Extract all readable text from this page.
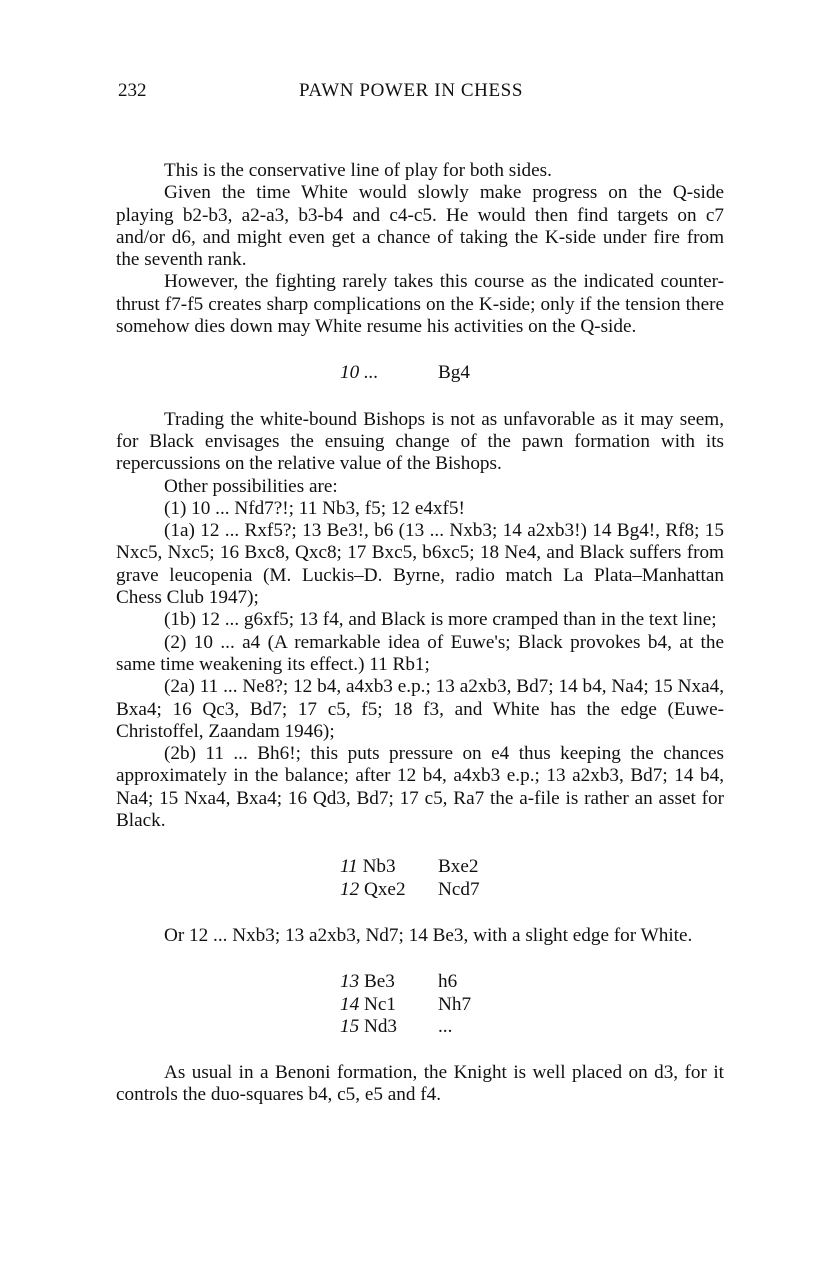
232	PAWN POWER IN CHESS

This is the conservative line of play for both sides.

Given the time White would slowly make progress on the Q-side playing b2-b3, a2-a3, b3-b4 and c4-c5. He would then find targets on c7 and/or d6, and might even get a chance of taking the K-side under fire from the seventh rank.

However, the fighting rarely takes this course as the indicated counter-thrust f7-f5 creates sharp complications on the K-side; only if the tension there somehow dies down may White resume his activities on the Q-side.

10 ...	Bg4

Trading the white-bound Bishops is not as unfavorable as it may seem, for Black envisages the ensuing change of the pawn formation with its repercussions on the relative value of the Bishops.

Other possibilities are:

(1) 10 ... Nfd7?!; 11 Nb3, f5; 12 e4xf5!

(1a) 12 ... Rxf5?; 13 Be3!, b6 (13 ... Nxb3; 14 a2xb3!) 14 Bg4!, Rf8; 15 Nxc5, Nxc5; 16 Bxc8, Qxc8; 17 Bxc5, b6xc5; 18 Ne4, and Black suffers from grave leucopenia (M. Luckis–D. Byrne, radio match La Plata–Manhattan Chess Club 1947);

(1b) 12 ... g6xf5; 13 f4, and Black is more cramped than in the text line;

(2) 10 ... a4 (A remarkable idea of Euwe's; Black provokes b4, at the same time weakening its effect.) 11 Rb1;

(2a) 11 ... Ne8?; 12 b4, a4xb3 e.p.; 13 a2xb3, Bd7; 14 b4, Na4; 15 Nxa4, Bxa4; 16 Qc3, Bd7; 17 c5, f5; 18 f3, and White has the edge (Euwe-Christoffel, Zaandam 1946);

(2b) 11 ... Bh6!; this puts pressure on e4 thus keeping the chances approximately in the balance; after 12 b4, a4xb3 e.p.; 13 a2xb3, Bd7; 14 b4, Na4; 15 Nxa4, Bxa4; 16 Qd3, Bd7; 17 c5, Ra7 the a-file is rather an asset for Black.

11 Nb3	Bxe2
12 Qxe2	Ncd7

Or 12 ... Nxb3; 13 a2xb3, Nd7; 14 Be3, with a slight edge for White.

13 Be3	h6
14 Nc1	Nh7
15 Nd3	...

As usual in a Benoni formation, the Knight is well placed on d3, for it controls the duo-squares b4, c5, e5 and f4.
